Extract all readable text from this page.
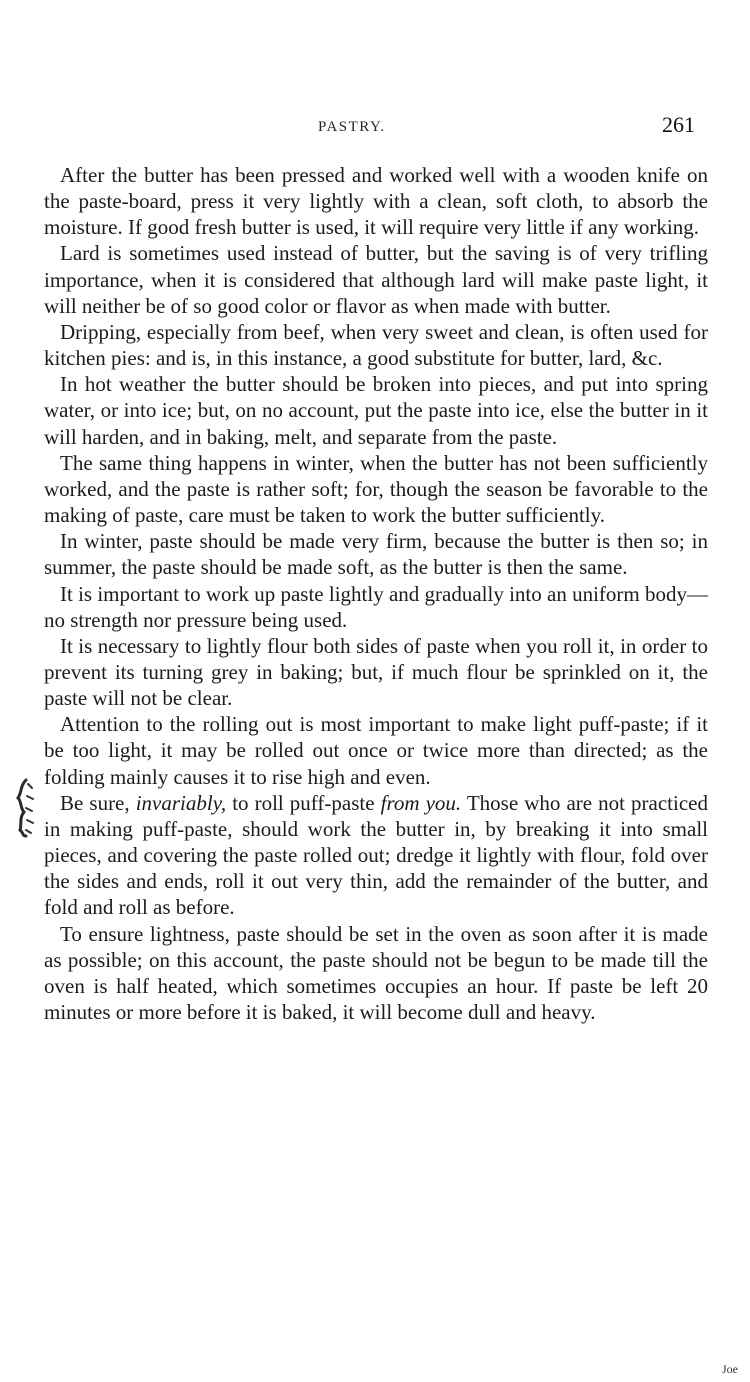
PASTRY.	261

After the butter has been pressed and worked well with a wooden knife on the paste-board, press it very lightly with a clean, soft cloth, to absorb the moisture. If good fresh butter is used, it will require very little if any working.

Lard is sometimes used instead of butter, but the saving is of very trifling importance, when it is considered that although lard will make paste light, it will neither be of so good color or flavor as when made with butter.

Dripping, especially from beef, when very sweet and clean, is often used for kitchen pies: and is, in this instance, a good substitute for butter, lard, &c.

In hot weather the butter should be broken into pieces, and put into spring water, or into ice; but, on no account, put the paste into ice, else the butter in it will harden, and in baking, melt, and separate from the paste.

The same thing happens in winter, when the butter has not been sufficiently worked, and the paste is rather soft; for, though the season be favorable to the making of paste, care must be taken to work the butter sufficiently.

In winter, paste should be made very firm, because the butter is then so; in summer, the paste should be made soft, as the butter is then the same.

It is important to work up paste lightly and gradually into an uniform body—no strength nor pressure being used.

It is necessary to lightly flour both sides of paste when you roll it, in order to prevent its turning grey in baking; but, if much flour be sprinkled on it, the paste will not be clear.

Attention to the rolling out is most important to make light puff-paste; if it be too light, it may be rolled out once or twice more than directed; as the folding mainly causes it to rise high and even.

Be sure, invariably, to roll puff-paste from you. Those who are not practiced in making puff-paste, should work the butter in, by breaking it into small pieces, and covering the paste rolled out; dredge it lightly with flour, fold over the sides and ends, roll it out very thin, add the remainder of the butter, and fold and roll as before.

To ensure lightness, paste should be set in the oven as soon after it is made as possible; on this account, the paste should not be begun to be made till the oven is half heated, which sometimes occupies an hour. If paste be left 20 minutes or more before it is baked, it will become dull and heavy.

Joe
